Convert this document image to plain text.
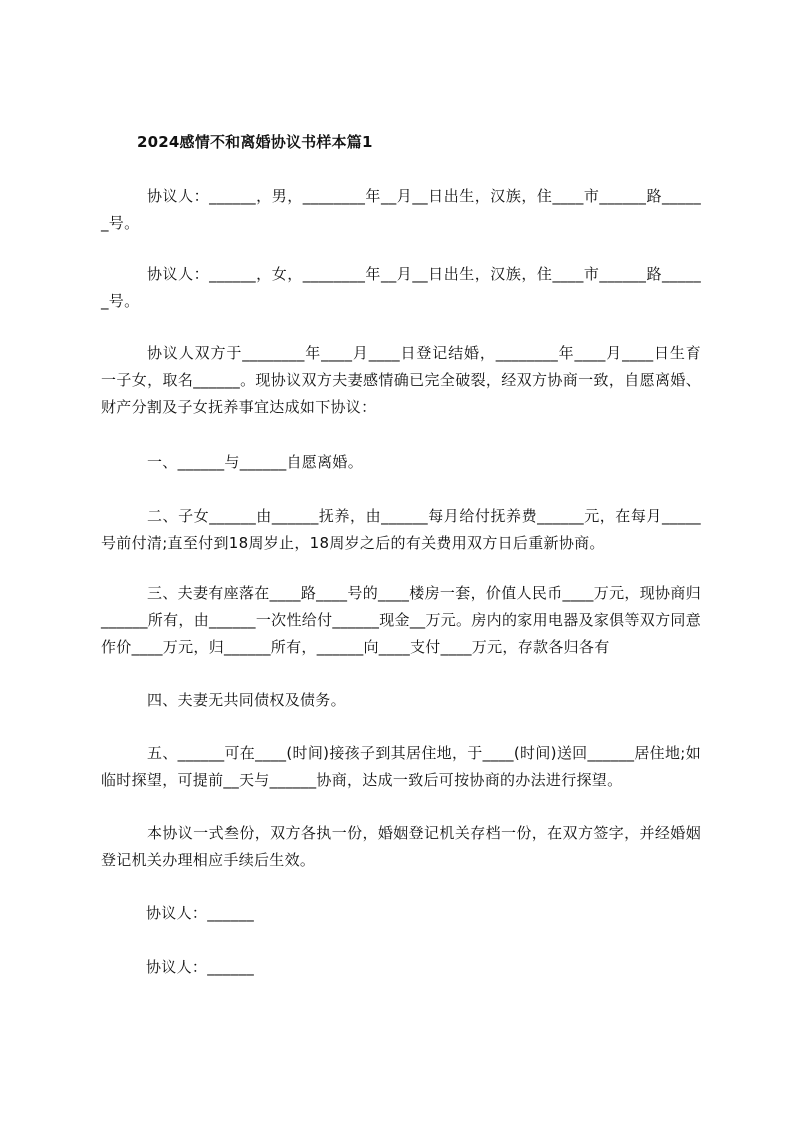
2024感情不和离婚协议书样本篇1
协议人：______，男，________年__月__日出生，汉族，住____市______路______号。
协议人：______，女，________年__月__日出生，汉族，住____市______路______号。
协议人双方于________年____月____日登记结婚，________年____月____日生育一子女，取名______。现协议双方夫妻感情确已完全破裂，经双方协商一致，自愿离婚、财产分割及子女抚养事宜达成如下协议：
一、______与______自愿离婚。
二、子女______由______抚养，由______每月给付抚养费______元，在每月_____号前付清;直至付到18周岁止，18周岁之后的有关费用双方日后重新协商。
三、夫妻有座落在____路____号的____楼房一套，价值人民币____万元，现协商归______所有，由______一次性给付______现金__万元。房内的家用电器及家俱等双方同意作价____万元，归______所有，______向____支付____万元，存款各归各有
四、夫妻无共同债权及债务。
五、______可在____(时间)接孩子到其居住地，于____(时间)送回______居住地;如临时探望，可提前__天与______协商，达成一致后可按协商的办法进行探望。
本协议一式叁份，双方各执一份，婚姻登记机关存档一份，在双方签字，并经婚姻登记机关办理相应手续后生效。
协议人：______
协议人：______
